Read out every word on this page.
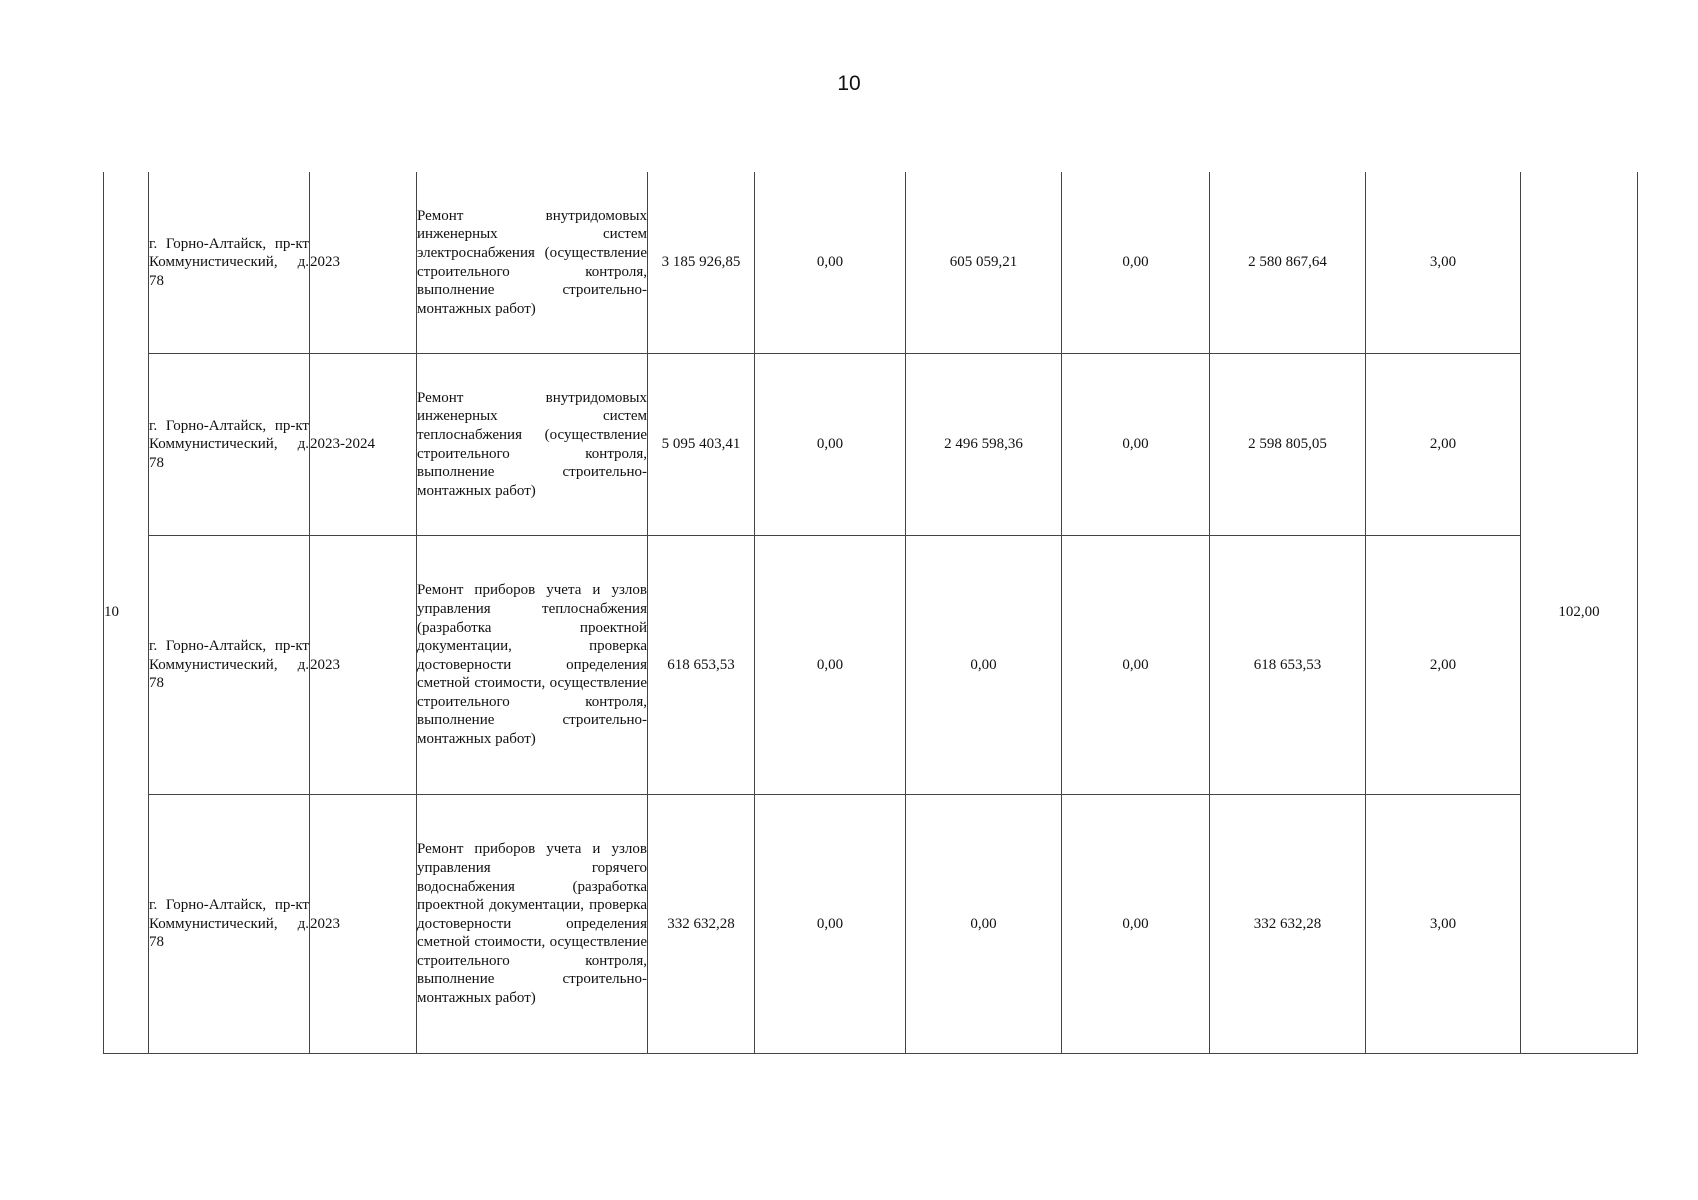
10
10	г. Горно-Алтайск, пр-кт Коммунистический, д. 78	2023	Ремонт внутридомовых инженерных систем электроснабжения (осуществление строительного контроля, выполнение строительно-монтажных работ)	3 185 926,85	0,00	605 059,21	0,00	2 580 867,64	3,00	102,00
	г. Горно-Алтайск, пр-кт Коммунистический, д. 78	2023-2024	Ремонт внутридомовых инженерных систем теплоснабжения (осуществление строительного контроля, выполнение строительно-монтажных работ)	5 095 403,41	0,00	2 496 598,36	0,00	2 598 805,05	2,00	
	г. Горно-Алтайск, пр-кт Коммунистический, д. 78	2023	Ремонт приборов учета и узлов управления теплоснабжения (разработка проектной документации, проверка достоверности определения сметной стоимости, осуществление строительного контроля, выполнение строительно-монтажных работ)	618 653,53	0,00	0,00	0,00	618 653,53	2,00	
	г. Горно-Алтайск, пр-кт Коммунистический, д. 78	2023	Ремонт приборов учета и узлов управления горячего водоснабжения (разработка проектной документации, проверка достоверности определения сметной стоимости, осуществление строительного контроля, выполнение строительно-монтажных работ)	332 632,28	0,00	0,00	0,00	332 632,28	3,00	
